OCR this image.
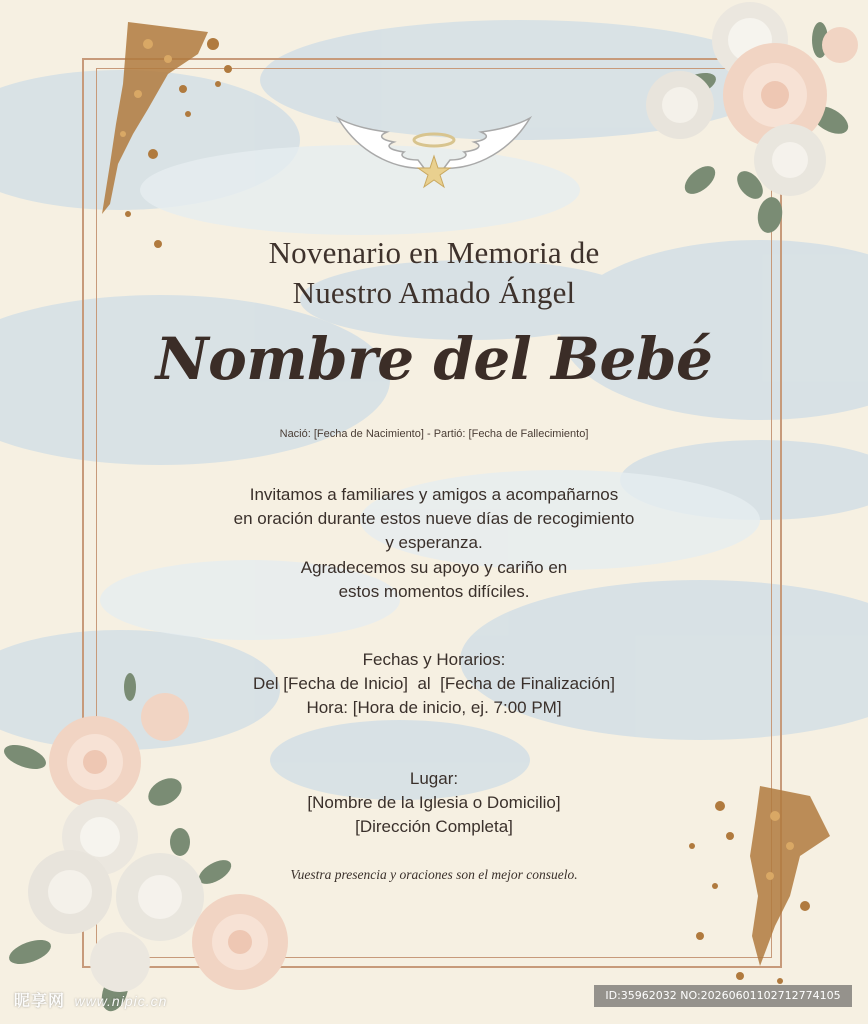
Novenario en Memoria de
Nuestro Amado Ángel
Nombre del Bebé
Nació: [Fecha de Nacimiento] - Partió: [Fecha de Fallecimiento]
Invitamos a familiares y amigos a acompañarnos
en oración durante estos nueve días de recogimiento
y esperanza.
Agradecemos su apoyo y cariño en
estos momentos difíciles.
Fechas y Horarios:
Del [Fecha de Inicio]  al  [Fecha de Finalización]
Hora: [Hora de inicio, ej. 7:00 PM]
Lugar:
[Nombre de la Iglesia o Domicilio]
[Dirección Completa]
Vuestra presencia y oraciones son el mejor consuelo.
昵享网 www.nipic.cn	ID:35962032 NO:20260601102712774105
